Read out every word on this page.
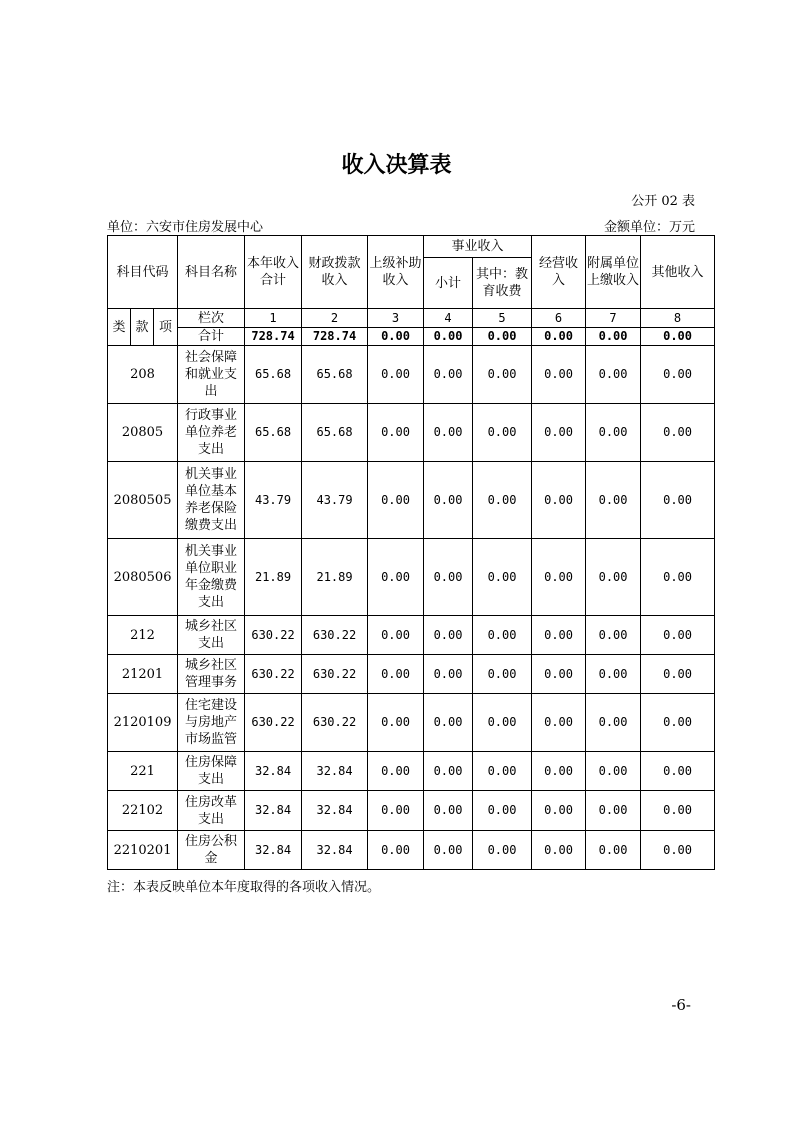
收入决算表
公开 02 表
单位：六安市住房发展中心	金额单位：万元
科目代码			科目名称	本年收入合计	财政拨款收入	上级补助收入	事业收入		经营收入	附属单位上缴收入	其他收入
							小计	其中：教育收费			
类	款	项	栏次	1	2	3	4	5	6	7	8
			合计	728.74	728.74	0.00	0.00	0.00	0.00	0.00	0.00
208			社会保障和就业支出	65.68	65.68	0.00	0.00	0.00	0.00	0.00	0.00
20805			行政事业单位养老支出	65.68	65.68	0.00	0.00	0.00	0.00	0.00	0.00
2080505			机关事业单位基本养老保险缴费支出	43.79	43.79	0.00	0.00	0.00	0.00	0.00	0.00
2080506			机关事业单位职业年金缴费支出	21.89	21.89	0.00	0.00	0.00	0.00	0.00	0.00
212			城乡社区支出	630.22	630.22	0.00	0.00	0.00	0.00	0.00	0.00
21201			城乡社区管理事务	630.22	630.22	0.00	0.00	0.00	0.00	0.00	0.00
2120109			住宅建设与房地产市场监管	630.22	630.22	0.00	0.00	0.00	0.00	0.00	0.00
221			住房保障支出	32.84	32.84	0.00	0.00	0.00	0.00	0.00	0.00
22102			住房改革支出	32.84	32.84	0.00	0.00	0.00	0.00	0.00	0.00
2210201			住房公积金	32.84	32.84	0.00	0.00	0.00	0.00	0.00	0.00
注：本表反映单位本年度取得的各项收入情况。
-6-
